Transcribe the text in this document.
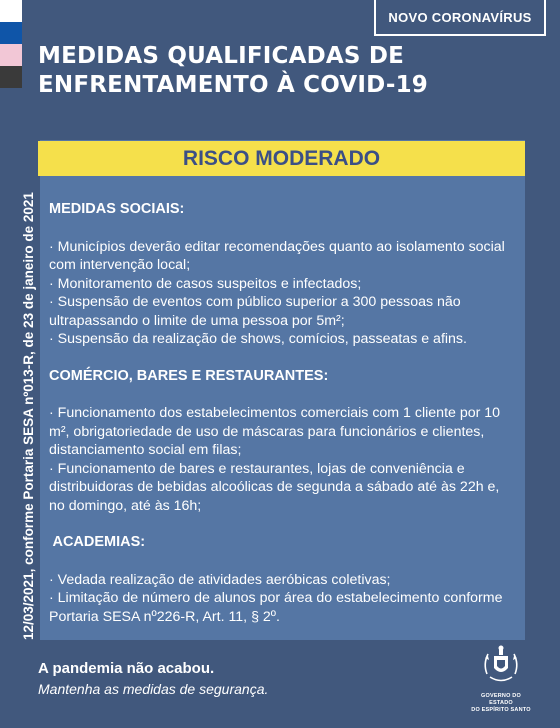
NOVO CORONAVÍRUS
MEDIDAS QUALIFICADAS DE
ENFRENTAMENTO À COVID-19
12/03/2021, conforme Portaria SESA nº013-R, de 23 de janeiro de 2021
RISCO MODERADO

MEDIDAS SOCIAIS:

· Municípios deverão editar recomendações quanto ao isolamento social com intervenção local;

· Monitoramento de casos suspeitos e infectados;

· Suspensão de eventos com público superior a 300 pessoas não ultrapassando o limite de uma pessoa por 5m²;

· Suspensão da realização de shows, comícios, passeatas e afins.

COMÉRCIO, BARES E RESTAURANTES:

· Funcionamento dos estabelecimentos comerciais com 1 cliente por 10 m², obrigatoriedade de uso de máscaras para funcionários e clientes, distanciamento social em filas;

· Funcionamento de bares e restaurantes, lojas de conveniência e distribuidoras de bebidas alcoólicas de segunda a sábado até às 22h e, no domingo, até às 16h;

ACADEMIAS:

· Vedada realização de atividades aeróbicas coletivas;

· Limitação de número de alunos por área do estabelecimento conforme Portaria SESA nº226-R, Art. 11, § 2º.

A pandemia não acabou.
Mantenha as medidas de segurança.	GOVERNO DO ESTADO
DO ESPÍRITO SANTO
